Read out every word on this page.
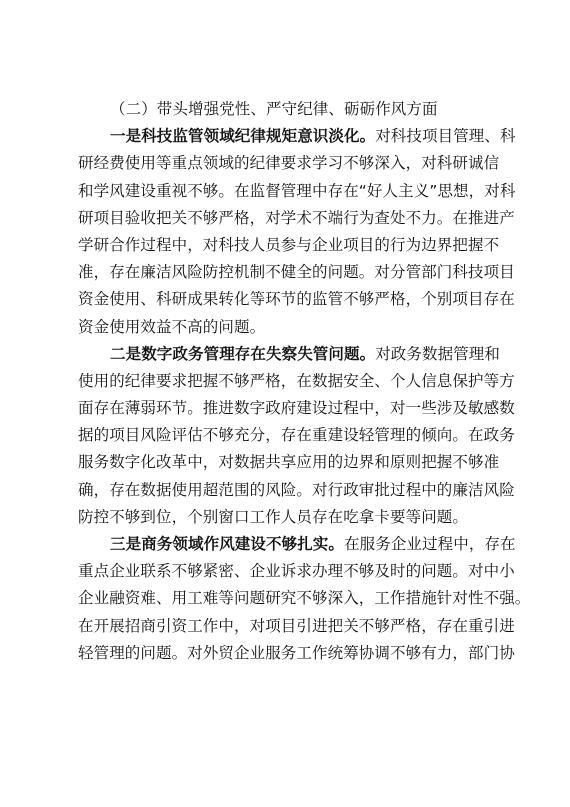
（二）带头增强党性、严守纪律、砺砺作风方面
一是科技监管领域纪律规矩意识淡化。对科技项目管理、科
研经费使用等重点领域的纪律要求学习不够深入，对科研诚信
和学风建设重视不够。在监督管理中存在“好人主义”思想，对科
研项目验收把关不够严格，对学术不端行为查处不力。在推进产
学研合作过程中，对科技人员参与企业项目的行为边界把握不
准，存在廉洁风险防控机制不健全的问题。对分管部门科技项目
资金使用、科研成果转化等环节的监管不够严格，个别项目存在
资金使用效益不高的问题。
二是数字政务管理存在失察失管问题。对政务数据管理和
使用的纪律要求把握不够严格，在数据安全、个人信息保护等方
面存在薄弱环节。推进数字政府建设过程中，对一些涉及敏感数
据的项目风险评估不够充分，存在重建设轻管理的倾向。在政务
服务数字化改革中，对数据共享应用的边界和原则把握不够准
确，存在数据使用超范围的风险。对行政审批过程中的廉洁风险
防控不够到位，个别窗口工作人员存在吃拿卡要等问题。
三是商务领域作风建设不够扎实。在服务企业过程中，存在
重点企业联系不够紧密、企业诉求办理不够及时的问题。对中小
企业融资难、用工难等问题研究不够深入，工作措施针对性不强。
在开展招商引资工作中，对项目引进把关不够严格，存在重引进
轻管理的问题。对外贸企业服务工作统筹协调不够有力，部门协
